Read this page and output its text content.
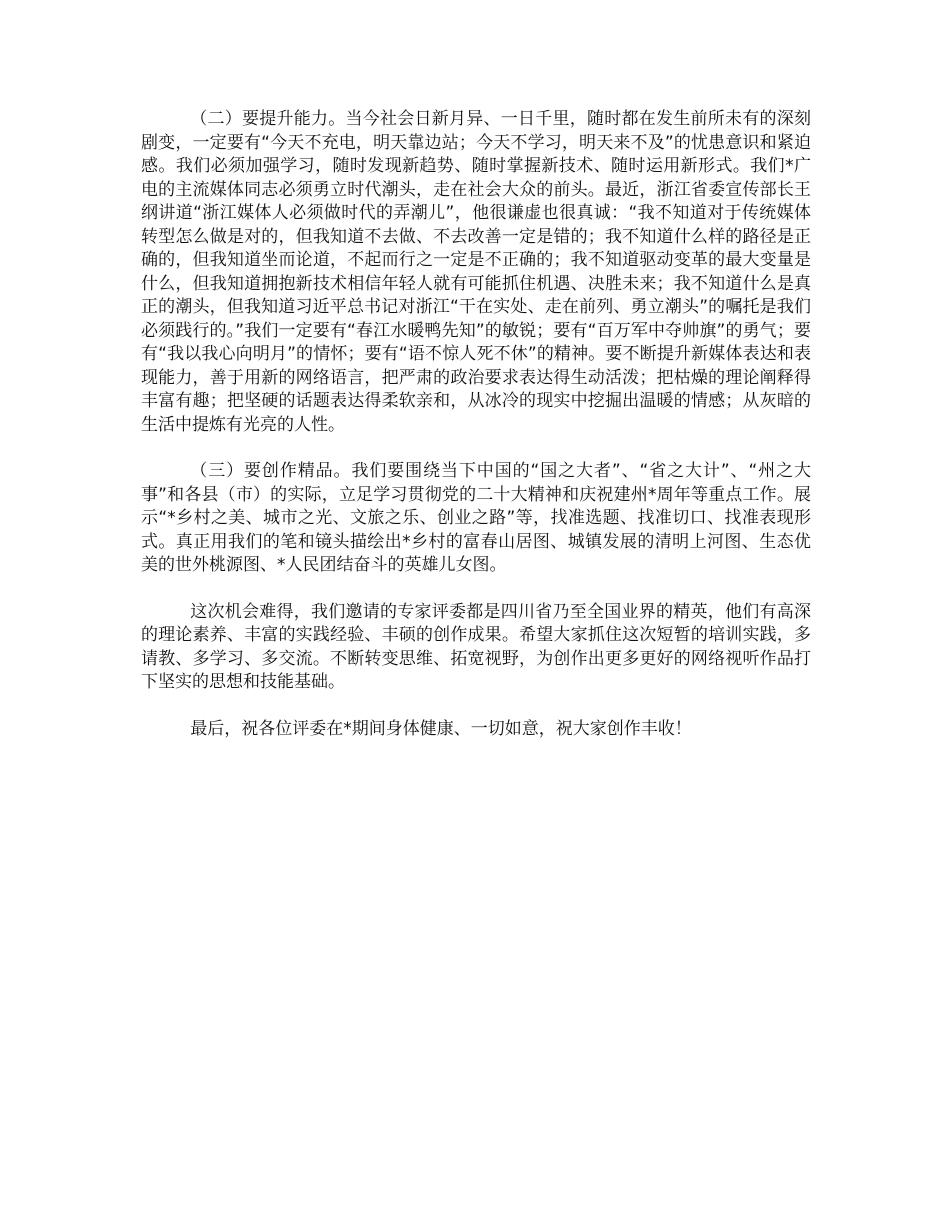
（二）要提升能力。当今社会日新月异、一日千里，随时都在发生前所未有的深刻剧变，一定要有“今天不充电，明天靠边站；今天不学习，明天来不及”的忧患意识和紧迫感。我们必须加强学习，随时发现新趋势、随时掌握新技术、随时运用新形式。我们*广电的主流媒体同志必须勇立时代潮头，走在社会大众的前头。最近，浙江省委宣传部长王纲讲道“浙江媒体人必须做时代的弄潮儿”，他很谦虚也很真诚：“我不知道对于传统媒体转型怎么做是对的，但我知道不去做、不去改善一定是错的；我不知道什么样的路径是正确的，但我知道坐而论道，不起而行之一定是不正确的；我不知道驱动变革的最大变量是什么，但我知道拥抱新技术相信年轻人就有可能抓住机遇、决胜未来；我不知道什么是真正的潮头，但我知道习近平总书记对浙江“干在实处、走在前列、勇立潮头”的嘱托是我们必须践行的。”我们一定要有“春江水暖鸭先知”的敏锐；要有“百万军中夺帅旗”的勇气；要有“我以我心向明月”的情怀；要有“语不惊人死不休”的精神。要不断提升新媒体表达和表现能力，善于用新的网络语言，把严肃的政治要求表达得生动活泼；把枯燥的理论阐释得丰富有趣；把坚硬的话题表达得柔软亲和，从冰冷的现实中挖掘出温暖的情感；从灰暗的生活中提炼有光亮的人性。

（三）要创作精品。我们要围绕当下中国的“国之大者”、“省之大计”、“州之大事”和各县（市）的实际，立足学习贯彻党的二十大精神和庆祝建州*周年等重点工作。展示“*乡村之美、城市之光、文旅之乐、创业之路”等，找准选题、找准切口、找准表现形式。真正用我们的笔和镜头描绘出*乡村的富春山居图、城镇发展的清明上河图、生态优美的世外桃源图、*人民团结奋斗的英雄儿女图。

这次机会难得，我们邀请的专家评委都是四川省乃至全国业界的精英，他们有高深的理论素养、丰富的实践经验、丰硕的创作成果。希望大家抓住这次短暂的培训实践，多请教、多学习、多交流。不断转变思维、拓宽视野，为创作出更多更好的网络视听作品打下坚实的思想和技能基础。

最后，祝各位评委在*期间身体健康、一切如意，祝大家创作丰收！
